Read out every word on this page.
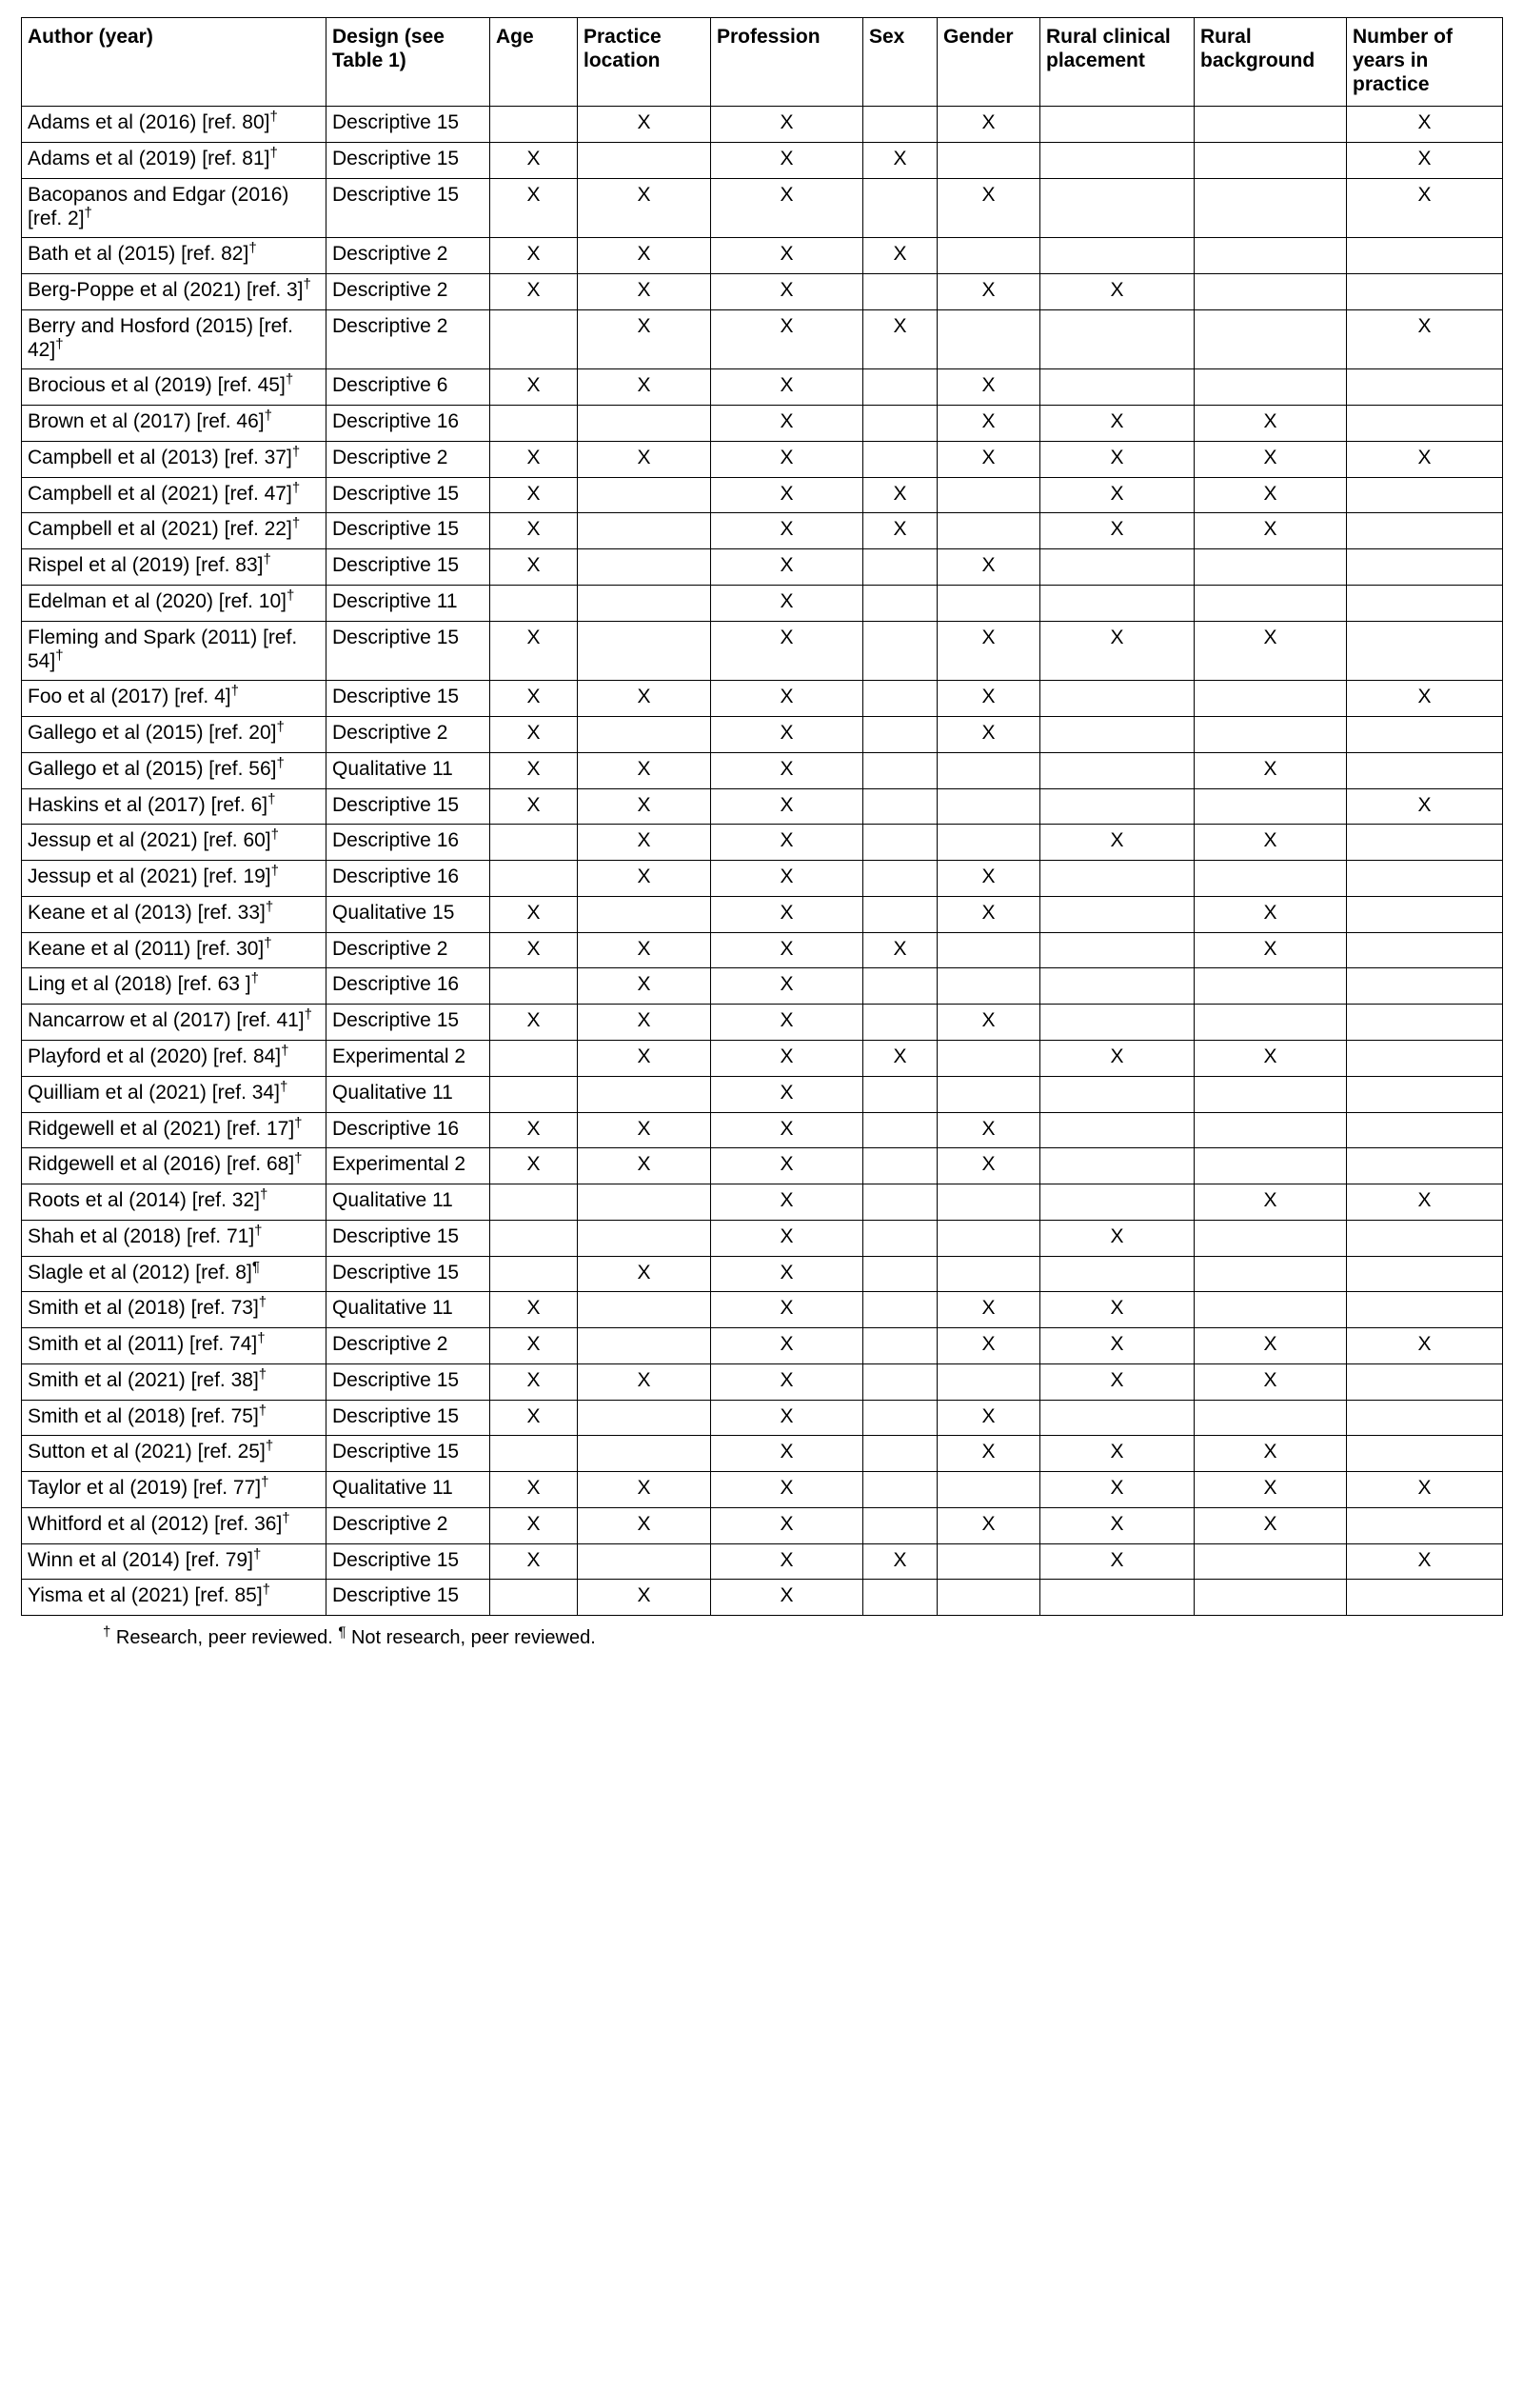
Author (year)	Design (see Table 1)	Age	Practice location	Profession	Sex	Gender	Rural clinical placement	Rural background	Number of years in practice
Adams et al (2016) [ref. 80]†	Descriptive 15		X	X		X			X
Adams et al (2019) [ref. 81]†	Descriptive 15	X		X	X				X
Bacopanos and Edgar (2016) [ref. 2]†	Descriptive 15	X	X	X		X			X
Bath et al (2015) [ref. 82]†	Descriptive 2	X	X	X	X				
Berg-Poppe et al (2021) [ref. 3]†	Descriptive 2	X	X	X		X	X		
Berry and Hosford (2015) [ref. 42]†	Descriptive 2		X	X	X				X
Brocious et al (2019) [ref. 45]†	Descriptive 6	X	X	X		X			
Brown et al (2017) [ref. 46]†	Descriptive 16			X		X	X	X	
Campbell et al (2013) [ref. 37]†	Descriptive 2	X	X	X		X	X	X	X
Campbell et al (2021) [ref. 47]†	Descriptive 15	X		X	X		X	X	
Campbell et al (2021) [ref. 22]†	Descriptive 15	X		X	X		X	X	
Rispel et al (2019) [ref. 83]†	Descriptive 15	X		X		X			
Edelman et al (2020) [ref. 10]†	Descriptive 11			X					
Fleming and Spark (2011) [ref. 54]†	Descriptive 15	X		X		X	X	X	
Foo et al (2017) [ref. 4]†	Descriptive 15	X	X	X		X			X
Gallego et al (2015) [ref. 20]†	Descriptive 2	X		X		X			
Gallego et al (2015) [ref. 56]†	Qualitative 11	X	X	X				X	
Haskins et al (2017) [ref. 6]†	Descriptive 15	X	X	X					X
Jessup et al (2021) [ref. 60]†	Descriptive 16		X	X			X	X	
Jessup et al (2021) [ref. 19]†	Descriptive 16		X	X		X			
Keane et al (2013) [ref. 33]†	Qualitative 15	X		X		X		X	
Keane et al (2011) [ref. 30]†	Descriptive 2	X	X	X	X			X	
Ling et al (2018) [ref. 63 ]†	Descriptive 16		X	X					
Nancarrow et al (2017) [ref. 41]†	Descriptive 15	X	X	X		X			
Playford et al (2020) [ref. 84]†	Experimental 2		X	X	X		X	X	
Quilliam et al (2021) [ref. 34]†	Qualitative 11			X					
Ridgewell et al (2021) [ref. 17]†	Descriptive 16	X	X	X		X			
Ridgewell et al (2016) [ref. 68]†	Experimental 2	X	X	X		X			
Roots et al (2014) [ref. 32]†	Qualitative 11			X				X	X
Shah et al (2018) [ref. 71]†	Descriptive 15			X			X		
Slagle et al (2012) [ref. 8]¶	Descriptive 15		X	X					
Smith et al (2018) [ref. 73]†	Qualitative 11	X		X		X	X		
Smith et al (2011) [ref. 74]†	Descriptive 2	X		X		X	X	X	X
Smith et al (2021) [ref. 38]†	Descriptive 15	X	X	X			X	X	
Smith et al (2018) [ref. 75]†	Descriptive 15	X		X		X			
Sutton et al (2021) [ref. 25]†	Descriptive 15			X		X	X	X	
Taylor et al (2019) [ref. 77]†	Qualitative 11	X	X	X			X	X	X
Whitford et al (2012) [ref. 36]†	Descriptive 2	X	X	X		X	X	X	
Winn et al (2014) [ref. 79]†	Descriptive 15	X		X	X		X		X
Yisma et al (2021) [ref. 85]†	Descriptive 15		X	X					
† Research, peer reviewed. ¶ Not research, peer reviewed.
